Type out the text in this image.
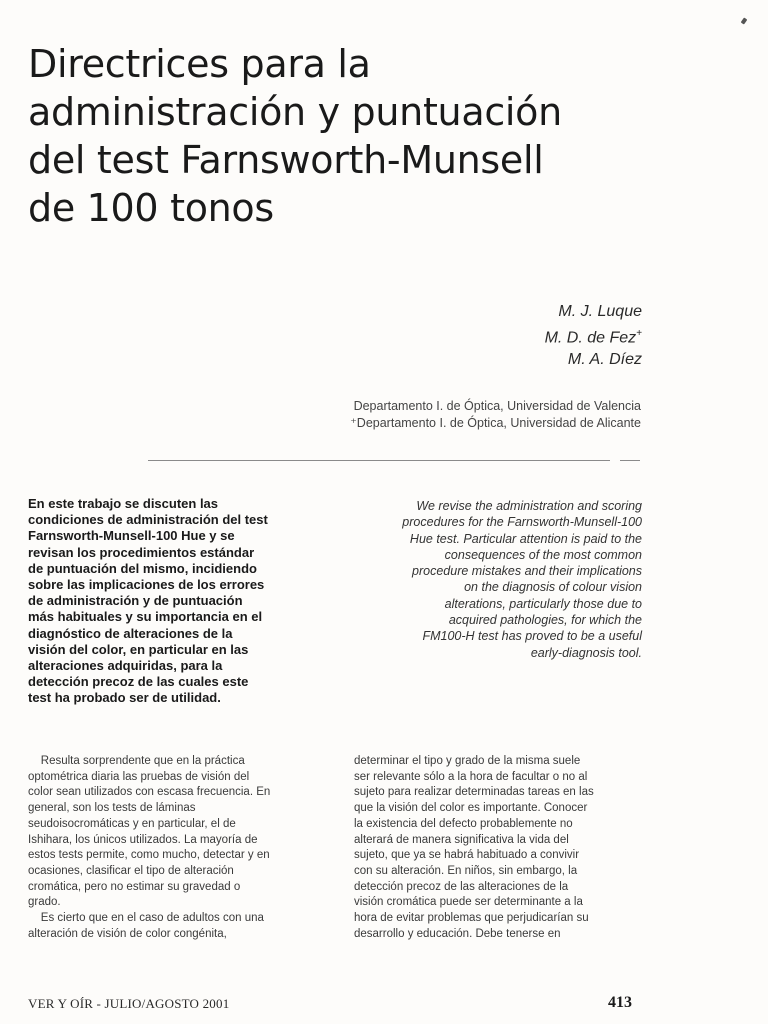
Directrices para la
administración y puntuación
del test Farnsworth-Munsell
de 100 tonos
M. J. Luque
M. D. de Fez+
M. A. Díez
Departamento I. de Óptica, Universidad de Valencia
⁺Departamento I. de Óptica, Universidad de Alicante
En este trabajo se discuten las
condiciones de administración del test
Farnsworth-Munsell-100 Hue y se
revisan los procedimientos estándar
de puntuación del mismo, incidiendo
sobre las implicaciones de los errores
de administración y de puntuación
más habituales y su importancia en el
diagnóstico de alteraciones de la
visión del color, en particular en las
alteraciones adquiridas, para la
detección precoz de las cuales este
test ha probado ser de utilidad.
We revise the administration and scoring
procedures for the Farnsworth-Munsell-100
Hue test. Particular attention is paid to the
consequences of the most common
procedure mistakes and their implications
on the diagnosis of colour vision
alterations, particularly those due to
acquired pathologies, for which the
FM100-H test has proved to be a useful
early-diagnosis tool.
Resulta sorprendente que en la práctica
optométrica diaria las pruebas de visión del
color sean utilizados con escasa frecuencia. En
general, son los tests de láminas
seudoisocromáticas y en particular, el de
Ishihara, los únicos utilizados. La mayoría de
estos tests permite, como mucho, detectar y en
ocasiones, clasificar el tipo de alteración
cromática, pero no estimar su gravedad o
grado.
Es cierto que en el caso de adultos con una
alteración de visión de color congénita,
determinar el tipo y grado de la misma suele
ser relevante sólo a la hora de facultar o no al
sujeto para realizar determinadas tareas en las
que la visión del color es importante. Conocer
la existencia del defecto probablemente no
alterará de manera significativa la vida del
sujeto, que ya se habrá habituado a convivir
con su alteración. En niños, sin embargo, la
detección precoz de las alteraciones de la
visión cromática puede ser determinante a la
hora de evitar problemas que perjudicarían su
desarrollo y educación. Debe tenerse en
VER Y OÍR - JULIO/AGOSTO 2001	413
